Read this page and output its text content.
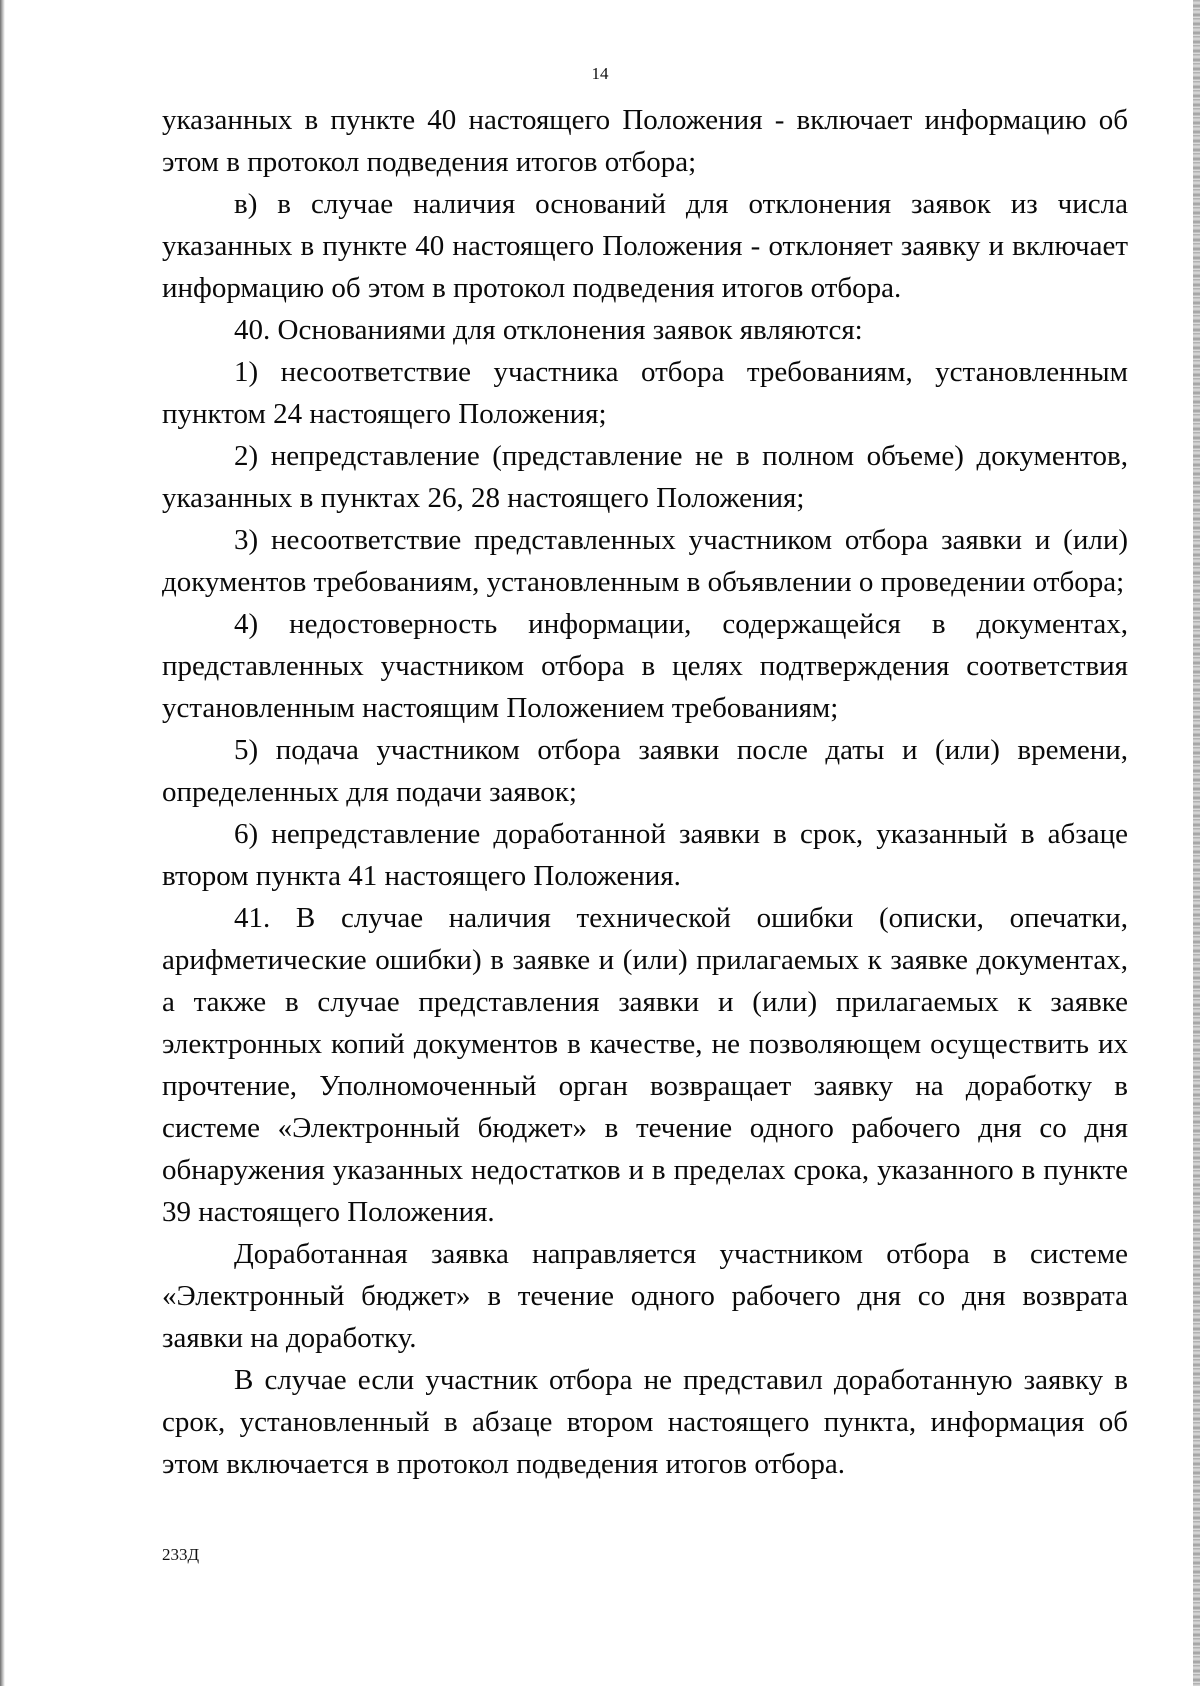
14

указанных в пункте 40 настоящего Положения - включает информацию об этом в протокол подведения итогов отбора;

в) в случае наличия оснований для отклонения заявок из числа указанных в пункте 40 настоящего Положения - отклоняет заявку и включает информацию об этом в протокол подведения итогов отбора.

40. Основаниями для отклонения заявок являются:

1) несоответствие участника отбора требованиям, установленным пунктом 24 настоящего Положения;

2) непредставление (представление не в полном объеме) документов, указанных в пунктах 26, 28 настоящего Положения;

3) несоответствие представленных участником отбора заявки и (или) документов требованиям, установленным в объявлении о проведении отбора;

4) недостоверность информации, содержащейся в документах, представленных участником отбора в целях подтверждения соответствия установленным настоящим Положением требованиям;

5) подача участником отбора заявки после даты и (или) времени, определенных для подачи заявок;

6) непредставление доработанной заявки в срок, указанный в абзаце втором пункта 41 настоящего Положения.

41. В случае наличия технической ошибки (описки, опечатки, арифметические ошибки) в заявке и (или) прилагаемых к заявке документах, а также в случае представления заявки и (или) прилагаемых к заявке электронных копий документов в качестве, не позволяющем осуществить их прочтение, Уполномоченный орган возвращает заявку на доработку в системе «Электронный бюджет» в течение одного рабочего дня со дня обнаружения указанных недостатков и в пределах срока, указанного в пункте 39 настоящего Положения.

Доработанная заявка направляется участником отбора в системе «Электронный бюджет» в течение одного рабочего дня со дня возврата заявки на доработку.

В случае если участник отбора не представил доработанную заявку в срок, установленный в абзаце втором настоящего пункта, информация об этом включается в протокол подведения итогов отбора.

233Д
